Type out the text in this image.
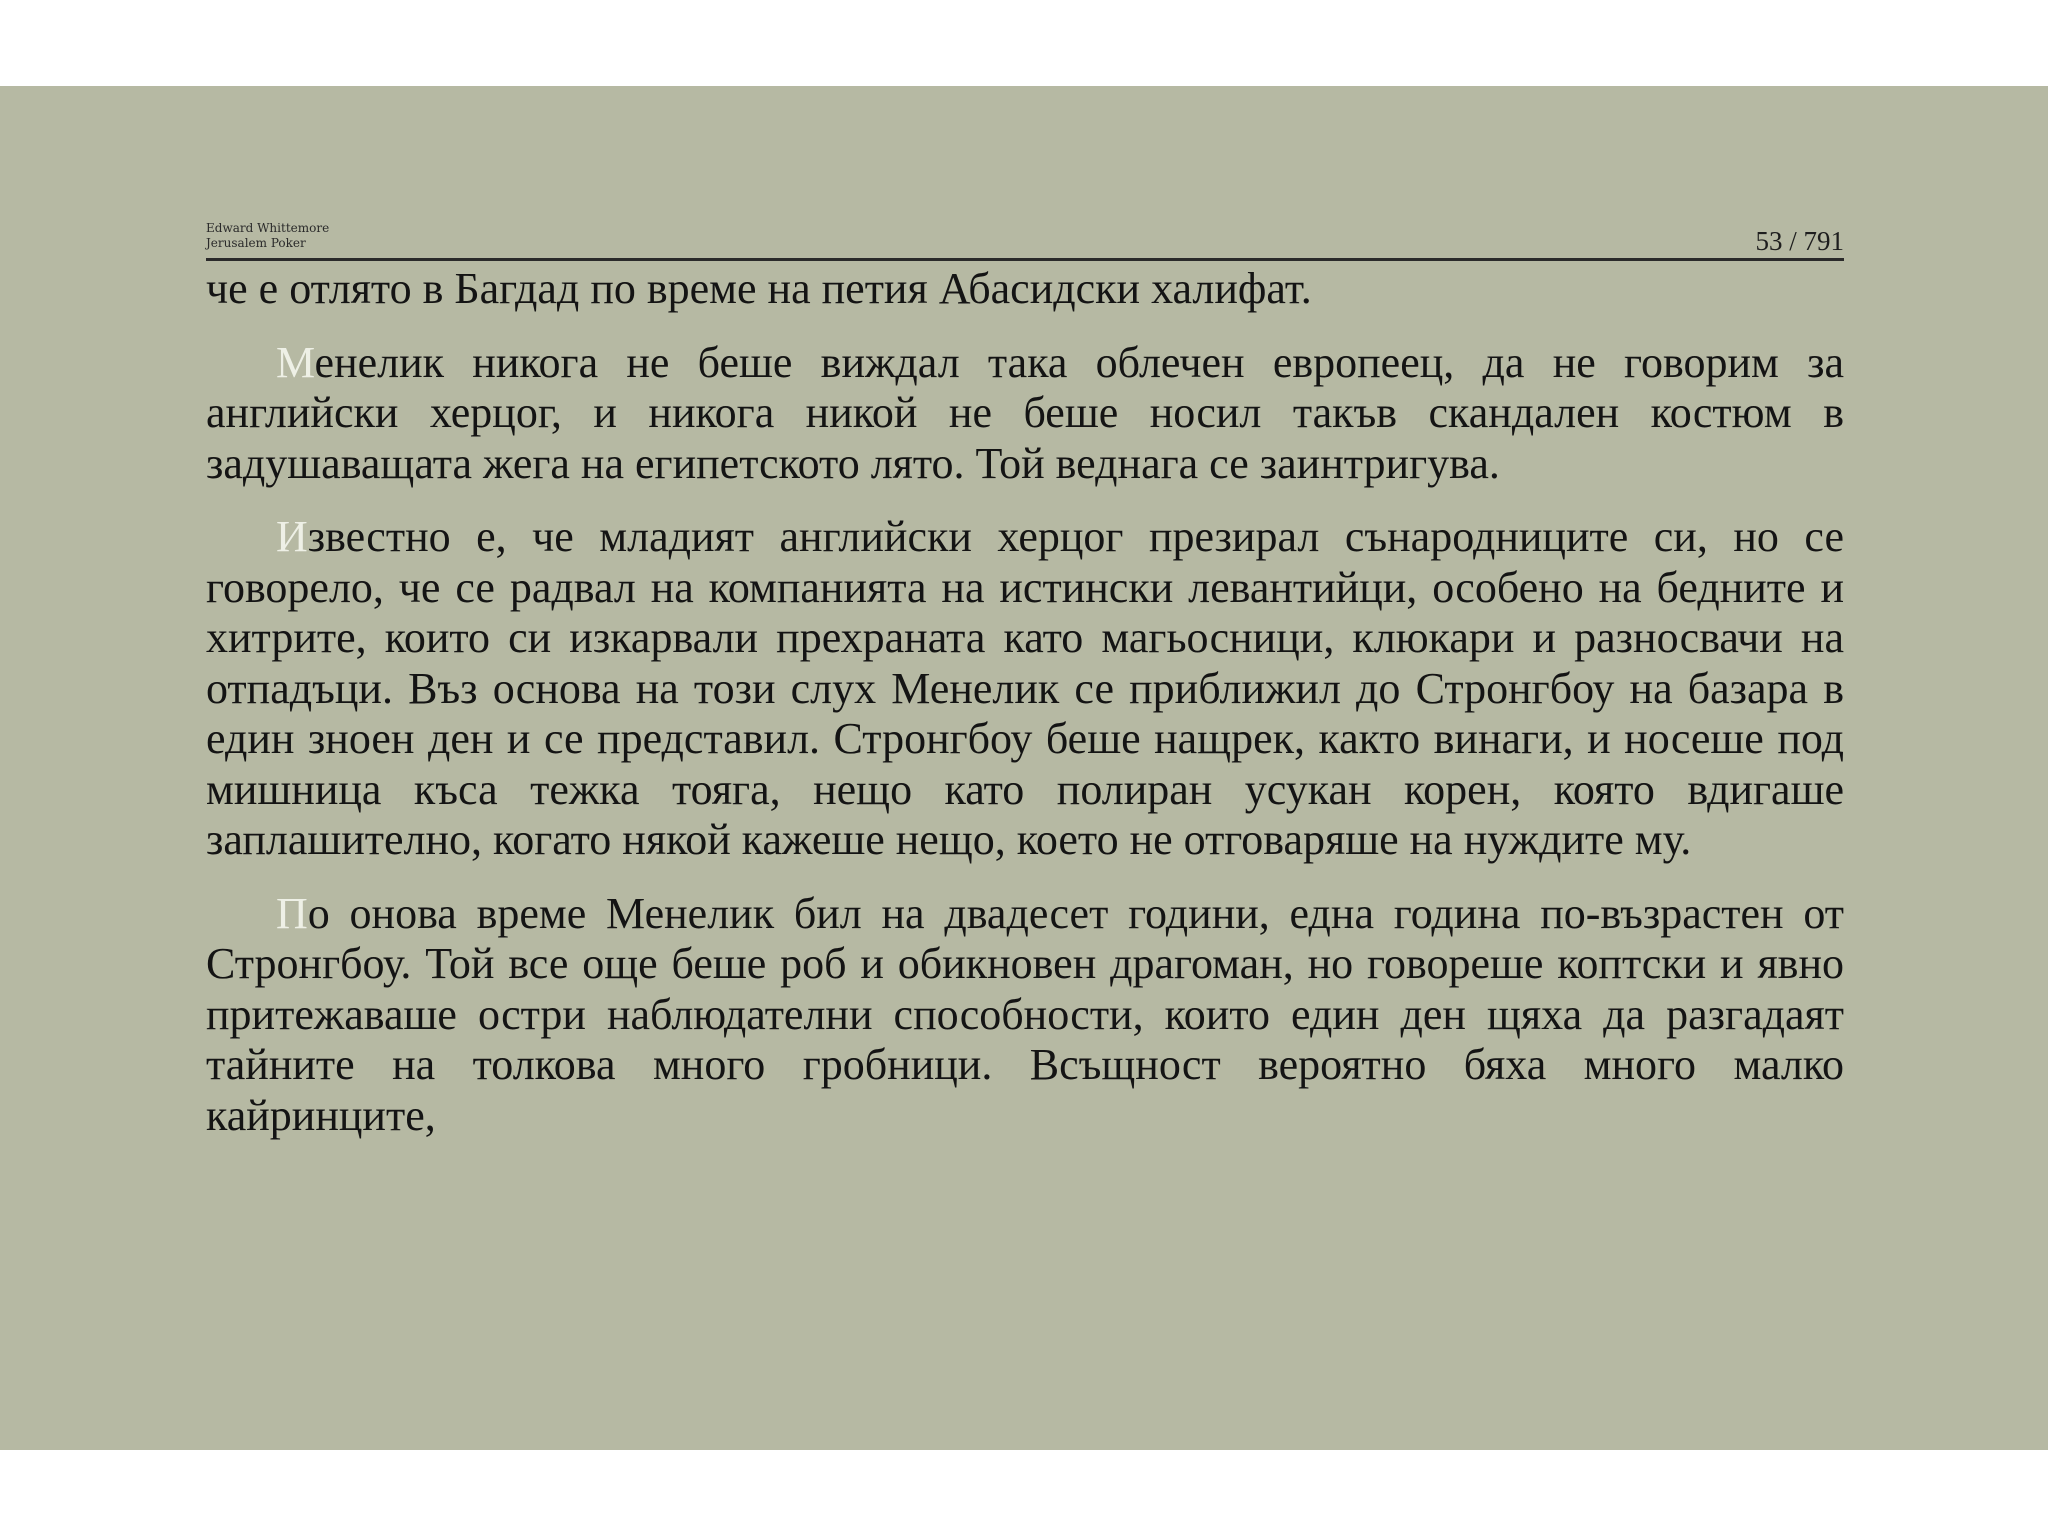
Edward Whittemore
Jerusalem Poker	53 / 791

че е отлято в Багдад по време на петия Абасидски халифат.

Менелик никога не беше виждал така облечен европеец, да не говорим за английски херцог, и никога никой не беше носил такъв скандален костюм в задушаващата жега на египетското лято. Той веднага се заинтригува.

Известно е, че младият английски херцог презирал сънародниците си, но се говорело, че се радвал на компанията на истински левантийци, особено на бедните и хитрите, които си изкарвали прехраната като магьосници, клюкари и разносвачи на отпадъци. Въз основа на този слух Менелик се приближил до Стронгбоу на базара в един зноен ден и се представил. Стронгбоу беше нащрек, както винаги, и носеше под мишница къса тежка тояга, нещо като полиран усукан корен, която вдигаше заплашително, когато някой кажеше нещо, което не отговаряше на нуждите му.

По онова време Менелик бил на двадесет години, една година по-възрастен от Стронгбоу. Той все още беше роб и обикновен драгоман, но говореше коптски и явно притежаваше остри наблюдателни способности, които един ден щяха да разгадаят тайните на толкова много гробници. Всъщност вероятно бяха много малко кайринците,
